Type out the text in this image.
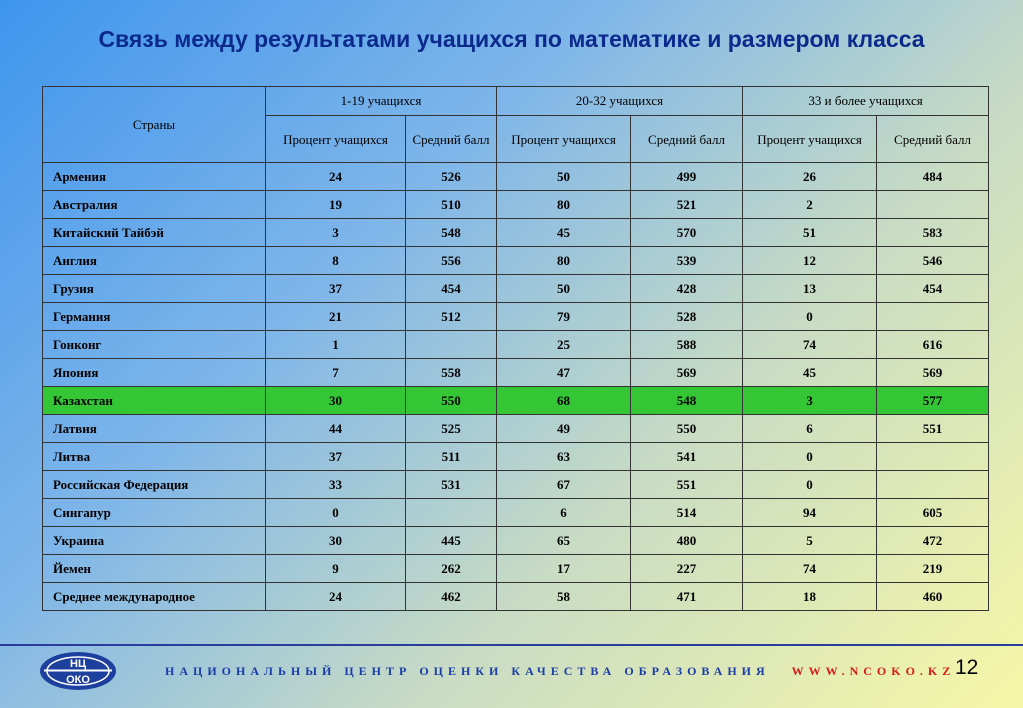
Связь между результатами учащихся по математике и размером класса
Страны	1-19 учащихся		20-32 учащихся		33 и более учащихся	
	Процент учащихся	Средний балл	Процент учащихся	Средний балл	Процент учащихся	Средний балл
Армения	24	526	50	499	26	484
Австралия	19	510	80	521	2	
Китайский Тайбэй	3	548	45	570	51	583
Англия	8	556	80	539	12	546
Грузия	37	454	50	428	13	454
Германия	21	512	79	528	0	
Гонконг	1		25	588	74	616
Япония	7	558	47	569	45	569
Казахстан	30	550	68	548	3	577
Латвия	44	525	49	550	6	551
Литва	37	511	63	541	0	
Российская Федерация	33	531	67	551	0	
Сингапур	0		6	514	94	605
Украина	30	445	65	480	5	472
Йемен	9	262	17	227	74	219
Среднее международное	24	462	58	471	18	460
НЦ
ОКО
НАЦИОНАЛЬНЫЙ ЦЕНТР ОЦЕНКИ КАЧЕСТВА ОБРАЗОВАНИЯ WWW.NCOKO.KZ 12
